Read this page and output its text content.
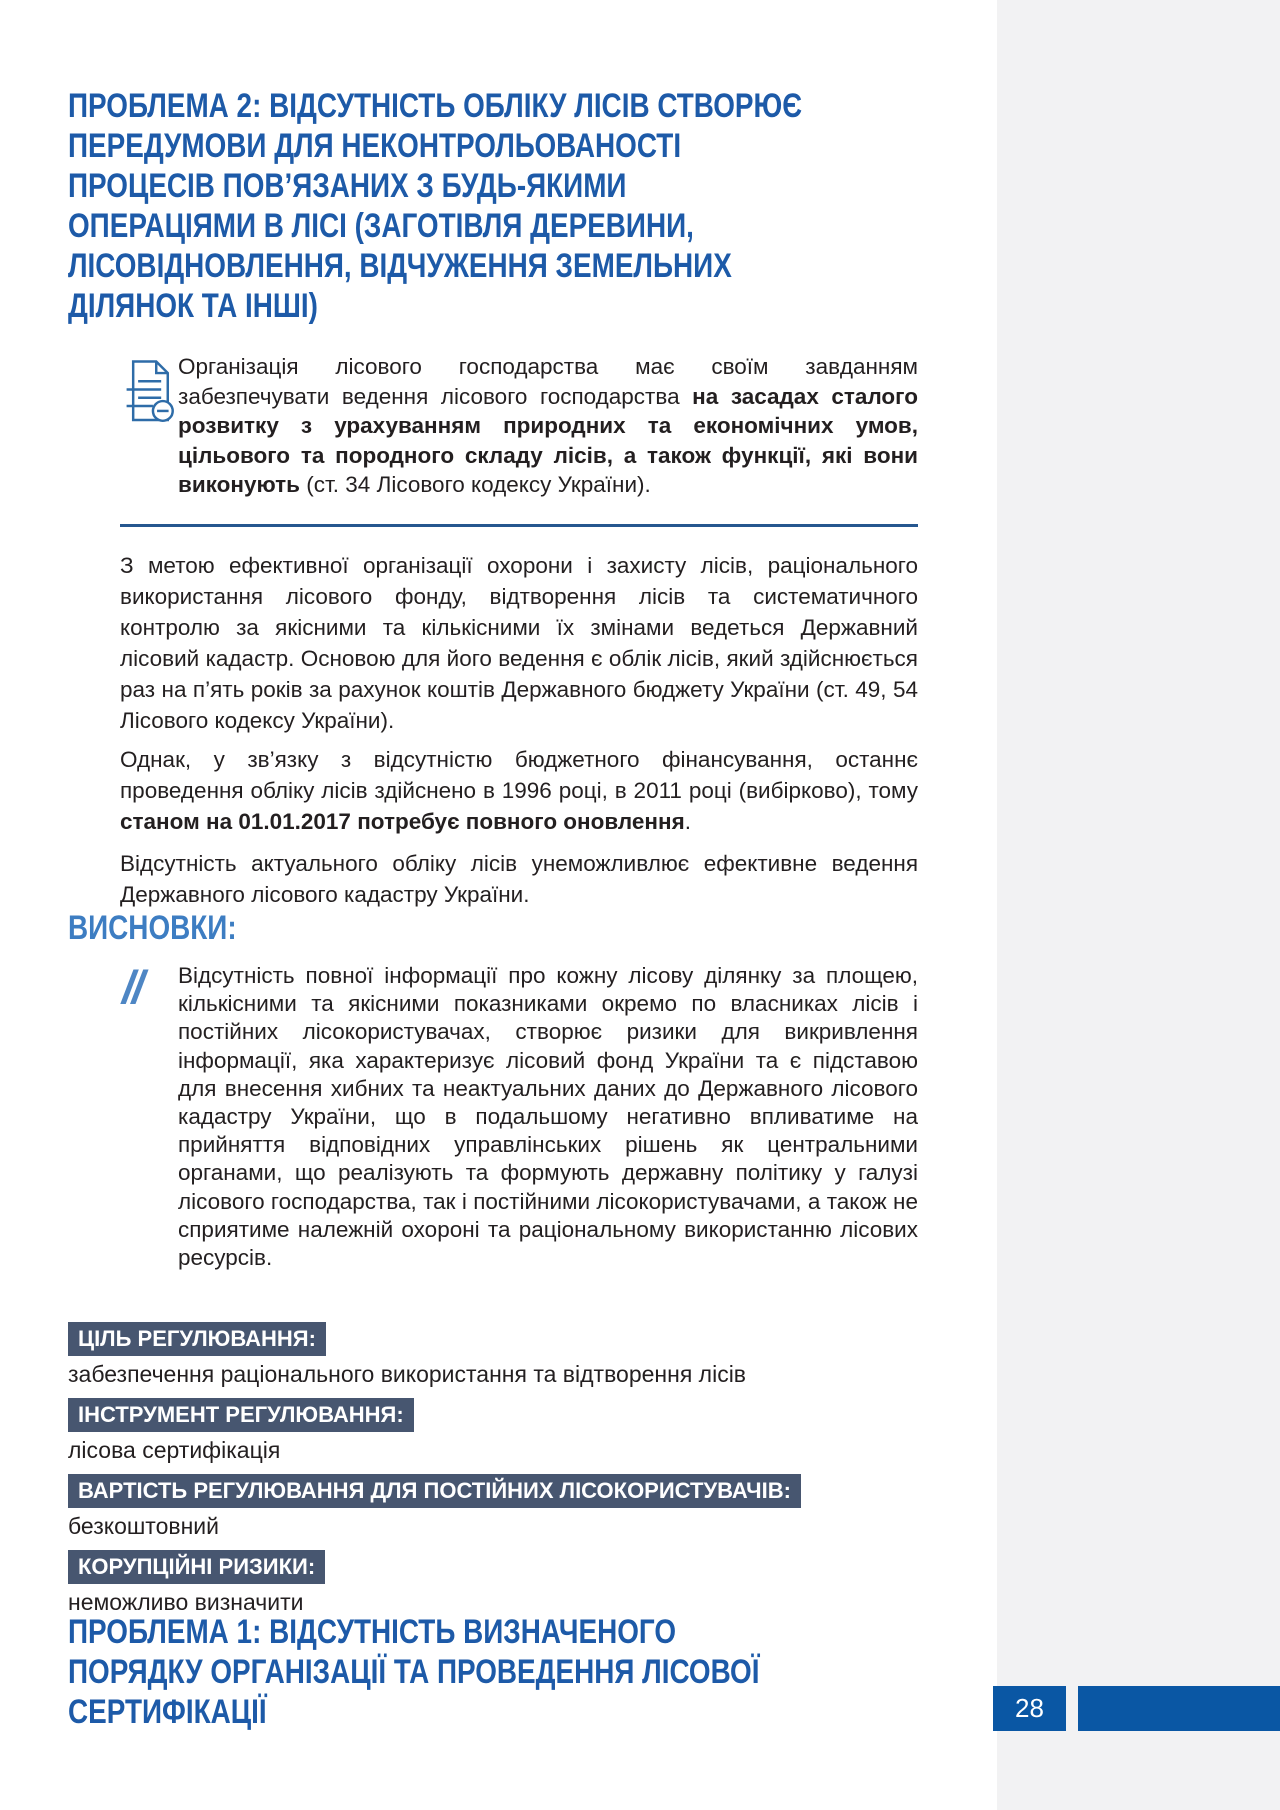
ПРОБЛЕМА 2: ВІДСУТНІСТЬ ОБЛІКУ ЛІСІВ СТВОРЮЄ
ПЕРЕДУМОВИ ДЛЯ НЕКОНТРОЛЬОВАНОСТІ
ПРОЦЕСІВ ПОВ’ЯЗАНИХ З БУДЬ-ЯКИМИ
ОПЕРАЦІЯМИ В ЛІСІ (ЗАГОТІВЛЯ ДЕРЕВИНИ,
ЛІСОВІДНОВЛЕННЯ, ВІДЧУЖЕННЯ ЗЕМЕЛЬНИХ
ДІЛЯНОК ТА ІНШІ)
Організація лісового господарства має своїм завданням забезпечувати ведення лісового господарства на засадах сталого розвитку з урахуванням природних та економічних умов, цільового та породного складу лісів, а також функції, які вони виконують (ст. 34 Лісового кодексу України).

З метою ефективної організації охорони і захисту лісів, раціонального використання лісового фонду, відтворення лісів та систематичного контролю за якісними та кількісними їх змінами ведеться Державний лісовий кадастр. Основою для його ведення є облік лісів, який здійснюється раз на п’ять років за рахунок коштів Державного бюджету України (ст. 49, 54 Лісового кодексу України).

Однак, у зв’язку з відсутністю бюджетного фінансування, останнє проведення обліку лісів здійснено в 1996 році, в 2011 році (вибірково), тому станом на 01.01.2017 потребує повного оновлення.

Відсутність актуального обліку лісів унеможливлює ефективне ведення Державного лісового кадастру України.

ВИСНОВКИ:
// Відсутність повної інформації про кожну лісову ділянку за площею, кількісними та якісними показниками окремо по власниках лісів і постійних лісокористувачах, створює ризики для викривлення інформації, яка характеризує лісовий фонд України та є підставою для внесення хибних та неактуальних даних до Державного лісового кадастру України, що в подальшому негативно впливатиме на прийняття відповідних управлінських рішень як центральними органами, що реалізують та формують державну політику у галузі лісового господарства, так і постійними лісокористувачами, а також не сприятиме належній охороні та раціональному використанню лісових ресурсів.

ЦІЛЬ РЕГУЛЮВАННЯ:
забезпечення раціонального використання та відтворення лісів
ІНСТРУМЕНТ РЕГУЛЮВАННЯ:
лісова сертифікація
ВАРТІСТЬ РЕГУЛЮВАННЯ ДЛЯ ПОСТІЙНИХ ЛІСОКОРИСТУВАЧІВ:
безкоштовний
КОРУПЦІЙНІ РИЗИКИ:
неможливо визначити
ПРОБЛЕМА 1: ВІДСУТНІСТЬ ВИЗНАЧЕНОГО
ПОРЯДКУ ОРГАНІЗАЦІЇ ТА ПРОВЕДЕННЯ ЛІСОВОЇ
СЕРТИФІКАЦІЇ	28
